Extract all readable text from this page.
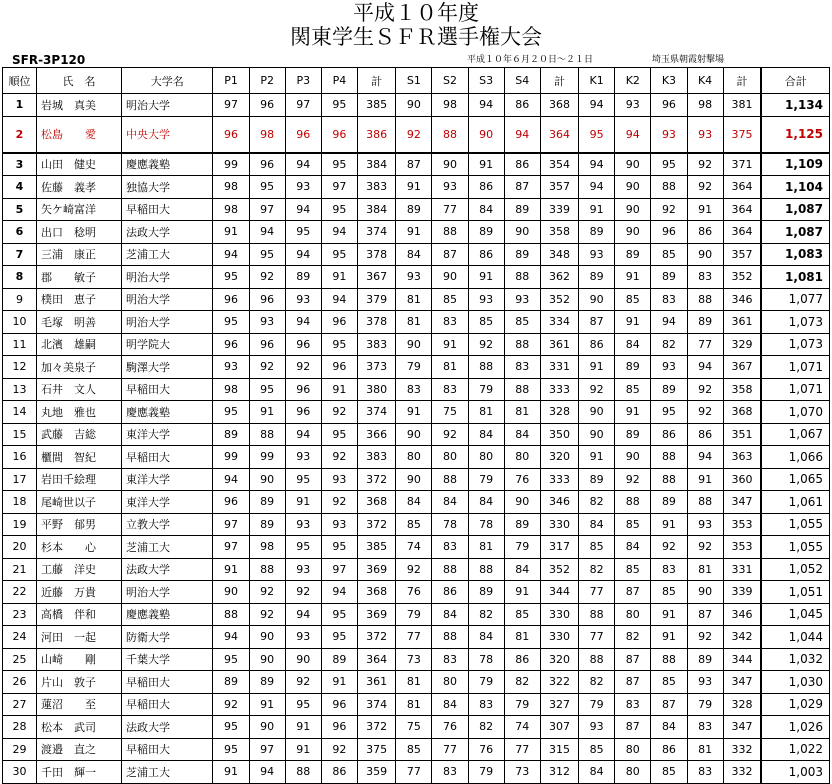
平成１０年度
関東学生ＳＦＲ選手権大会
SFR-3P120	平成１０年６月２０日～２１日	埼玉県朝霞射撃場
順位	氏　名	大学名	P1	P2	P3	P4	計	S1	S2	S3	S4	計	K1	K2	K3	K4	計	合計
1	岩城　真美	明治大学	97	96	97	95	385	90	98	94	86	368	94	93	96	98	381	1,134
2	松島　　愛	中央大学	96	98	96	96	386	92	88	90	94	364	95	94	93	93	375	1,125
3	山田　健史	慶應義塾	99	96	94	95	384	87	90	91	86	354	94	90	95	92	371	1,109
4	佐藤　義孝	独協大学	98	95	93	97	383	91	93	86	87	357	94	90	88	92	364	1,104
5	矢ケ崎富洋	早稲田大	98	97	94	95	384	89	77	84	89	339	91	90	92	91	364	1,087
6	出口　稔明	法政大学	91	94	95	94	374	91	88	89	90	358	89	90	96	86	364	1,087
7	三浦　康正	芝浦工大	94	95	94	95	378	84	87	86	89	348	93	89	85	90	357	1,083
8	郡　　敏子	明治大学	95	92	89	91	367	93	90	91	88	362	89	91	89	83	352	1,081
9	樸田　恵子	明治大学	96	96	93	94	379	81	85	93	93	352	90	85	83	88	346	1,077
10	毛塚　明善	明治大学	95	93	94	96	378	81	83	85	85	334	87	91	94	89	361	1,073
11	北濱　雄嗣	明学院大	96	96	96	95	383	90	91	92	88	361	86	84	82	77	329	1,073
12	加々美泉子	駒澤大学	93	92	92	96	373	79	81	88	83	331	91	89	93	94	367	1,071
13	石井　文人	早稲田大	98	95	96	91	380	83	83	79	88	333	92	85	89	92	358	1,071
14	丸地　雅也	慶應義塾	95	91	96	92	374	91	75	81	81	328	90	91	95	92	368	1,070
15	武藤　吉総	東洋大学	89	88	94	95	366	90	92	84	84	350	90	89	86	86	351	1,067
16	櫃間　智紀	早稲田大	99	99	93	92	383	80	80	80	80	320	91	90	88	94	363	1,066
17	岩田千絵理	東洋大学	94	90	95	93	372	90	88	79	76	333	89	92	88	91	360	1,065
18	尾崎世以子	東洋大学	96	89	91	92	368	84	84	84	90	346	82	88	89	88	347	1,061
19	平野　郁男	立教大学	97	89	93	93	372	85	78	78	89	330	84	85	91	93	353	1,055
20	杉本　　心	芝浦工大	97	98	95	95	385	74	83	81	79	317	85	84	92	92	353	1,055
21	工藤　洋史	法政大学	91	88	93	97	369	92	88	88	84	352	82	85	83	81	331	1,052
22	近藤　万貴	明治大学	90	92	92	94	368	76	86	89	91	344	77	87	85	90	339	1,051
23	高橋　伴和	慶應義塾	88	92	94	95	369	79	84	82	85	330	88	80	91	87	346	1,045
24	河田　一起	防衛大学	94	90	93	95	372	77	88	84	81	330	77	82	91	92	342	1,044
25	山崎　　剛	千葉大学	95	90	90	89	364	73	83	78	86	320	88	87	88	89	344	1,032
26	片山　敦子	早稲田大	89	89	92	91	361	81	80	79	82	322	82	87	85	93	347	1,030
27	蓮沼　　至	早稲田大	92	91	95	96	374	81	84	83	79	327	79	83	87	79	328	1,029
28	松本　武司	法政大学	95	90	91	96	372	75	76	82	74	307	93	87	84	83	347	1,026
29	渡邉　直之	早稲田大	95	97	91	92	375	85	77	76	77	315	85	80	86	81	332	1,022
30	千田　輝一	芝浦工大	91	94	88	86	359	77	83	79	73	312	84	80	85	83	332	1,003
